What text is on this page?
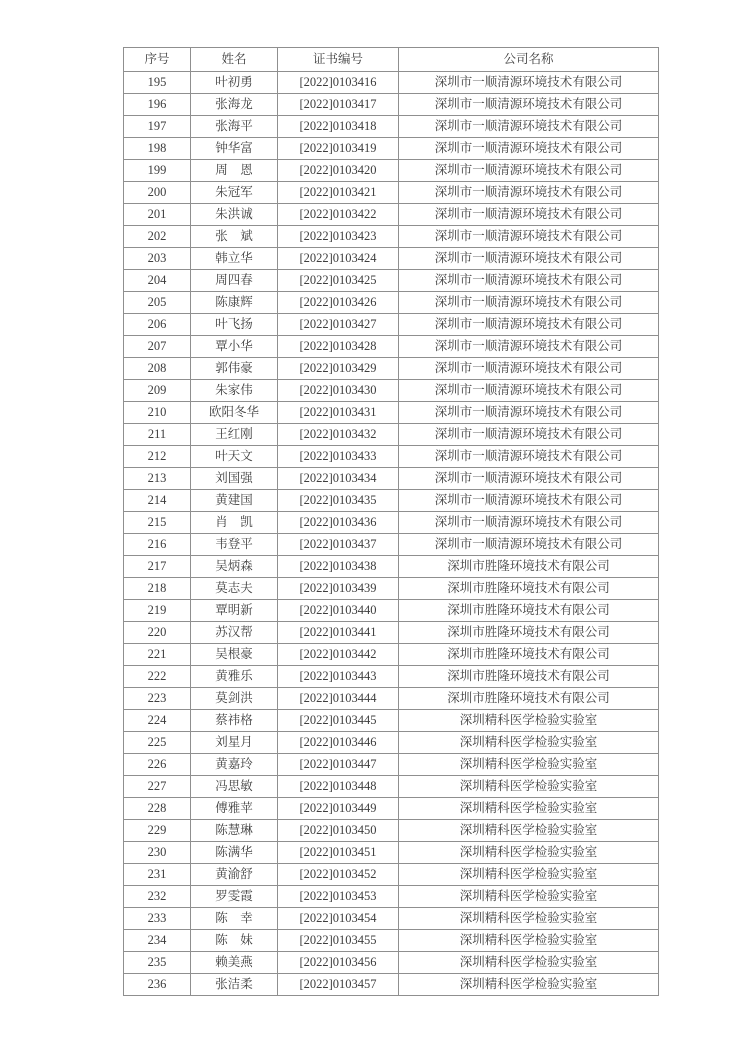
序号	姓名	证书编号	公司名称
195	叶初勇	[2022]0103416	深圳市一顺清源环境技术有限公司
196	张海龙	[2022]0103417	深圳市一顺清源环境技术有限公司
197	张海平	[2022]0103418	深圳市一顺清源环境技术有限公司
198	钟华富	[2022]0103419	深圳市一顺清源环境技术有限公司
199	周　恩	[2022]0103420	深圳市一顺清源环境技术有限公司
200	朱冠军	[2022]0103421	深圳市一顺清源环境技术有限公司
201	朱洪诚	[2022]0103422	深圳市一顺清源环境技术有限公司
202	张　斌	[2022]0103423	深圳市一顺清源环境技术有限公司
203	韩立华	[2022]0103424	深圳市一顺清源环境技术有限公司
204	周四春	[2022]0103425	深圳市一顺清源环境技术有限公司
205	陈康辉	[2022]0103426	深圳市一顺清源环境技术有限公司
206	叶飞扬	[2022]0103427	深圳市一顺清源环境技术有限公司
207	覃小华	[2022]0103428	深圳市一顺清源环境技术有限公司
208	郭伟豪	[2022]0103429	深圳市一顺清源环境技术有限公司
209	朱家伟	[2022]0103430	深圳市一顺清源环境技术有限公司
210	欧阳冬华	[2022]0103431	深圳市一顺清源环境技术有限公司
211	王红刚	[2022]0103432	深圳市一顺清源环境技术有限公司
212	叶天文	[2022]0103433	深圳市一顺清源环境技术有限公司
213	刘国强	[2022]0103434	深圳市一顺清源环境技术有限公司
214	黄建国	[2022]0103435	深圳市一顺清源环境技术有限公司
215	肖　凯	[2022]0103436	深圳市一顺清源环境技术有限公司
216	韦登平	[2022]0103437	深圳市一顺清源环境技术有限公司
217	吴炳森	[2022]0103438	深圳市胜隆环境技术有限公司
218	莫志夫	[2022]0103439	深圳市胜隆环境技术有限公司
219	覃明新	[2022]0103440	深圳市胜隆环境技术有限公司
220	苏汉帮	[2022]0103441	深圳市胜隆环境技术有限公司
221	吴根豪	[2022]0103442	深圳市胜隆环境技术有限公司
222	黄雅乐	[2022]0103443	深圳市胜隆环境技术有限公司
223	莫剑洪	[2022]0103444	深圳市胜隆环境技术有限公司
224	蔡祎格	[2022]0103445	深圳精科医学检验实验室
225	刘星月	[2022]0103446	深圳精科医学检验实验室
226	黄嘉玲	[2022]0103447	深圳精科医学检验实验室
227	冯思敏	[2022]0103448	深圳精科医学检验实验室
228	傅雅苹	[2022]0103449	深圳精科医学检验实验室
229	陈慧琳	[2022]0103450	深圳精科医学检验实验室
230	陈满华	[2022]0103451	深圳精科医学检验实验室
231	黄渝舒	[2022]0103452	深圳精科医学检验实验室
232	罗雯霞	[2022]0103453	深圳精科医学检验实验室
233	陈　幸	[2022]0103454	深圳精科医学检验实验室
234	陈　妹	[2022]0103455	深圳精科医学检验实验室
235	赖美燕	[2022]0103456	深圳精科医学检验实验室
236	张洁柔	[2022]0103457	深圳精科医学检验实验室
